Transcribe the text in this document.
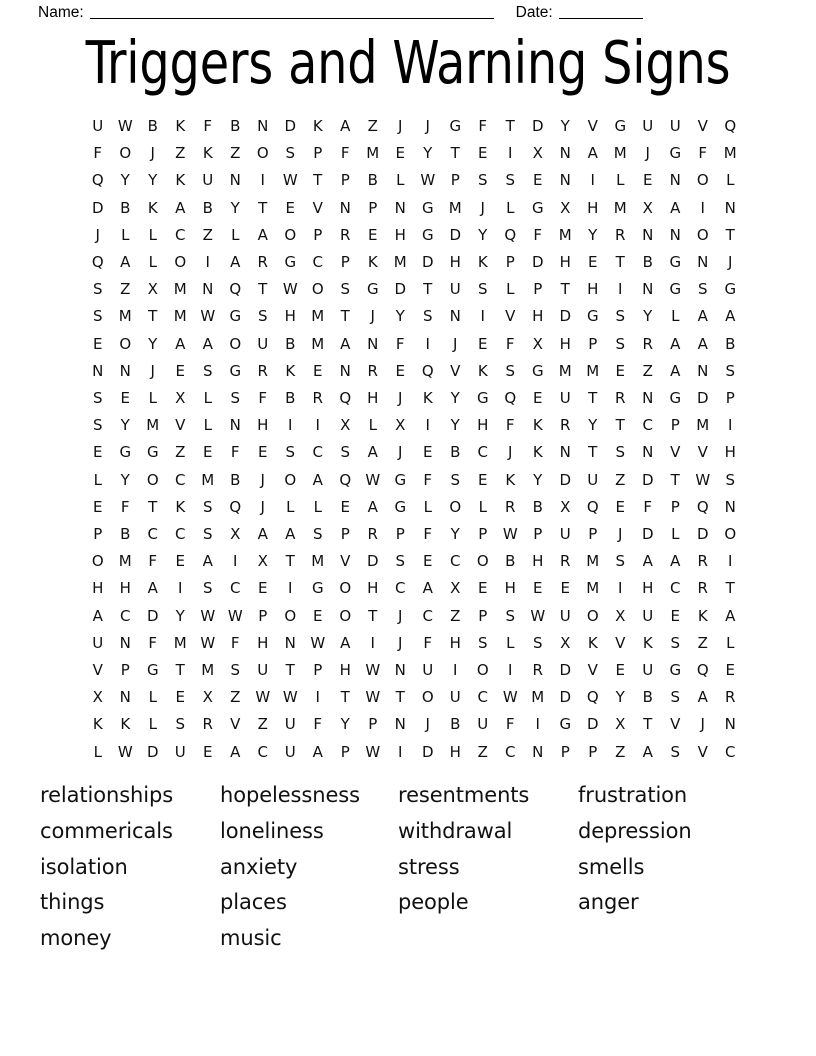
Name:	Date:
Triggers and Warning Signs
U	W	B	K	F	B	N	D	K	A	Z	J	J	G	F	T	D	Y	V	G	U	U	V	Q
F	O	J	Z	K	Z	O	S	P	F	M	E	Y	T	E	I	X	N	A	M	J	G	F	M
Q	Y	Y	K	U	N	I	W	T	P	B	L	W	P	S	S	E	N	I	L	E	N	O	L
D	B	K	A	B	Y	T	E	V	N	P	N	G	M	J	L	G	X	H	M	X	A	I	N
J	L	L	C	Z	L	A	O	P	R	E	H	G	D	Y	Q	F	M	Y	R	N	N	O	T
Q	A	L	O	I	A	R	G	C	P	K	M	D	H	K	P	D	H	E	T	B	G	N	J
S	Z	X	M	N	Q	T	W	O	S	G	D	T	U	S	L	P	T	H	I	N	G	S	G
S	M	T	M	W	G	S	H	M	T	J	Y	S	N	I	V	H	D	G	S	Y	L	A	A
E	O	Y	A	A	O	U	B	M	A	N	F	I	J	E	F	X	H	P	S	R	A	A	B
N	N	J	E	S	G	R	K	E	N	R	E	Q	V	K	S	G	M	M	E	Z	A	N	S
S	E	L	X	L	S	F	B	R	Q	H	J	K	Y	G	Q	E	U	T	R	N	G	D	P
S	Y	M	V	L	N	H	I	I	X	L	X	I	Y	H	F	K	R	Y	T	C	P	M	I
E	G	G	Z	E	F	E	S	C	S	A	J	E	B	C	J	K	N	T	S	N	V	V	H
L	Y	O	C	M	B	J	O	A	Q	W	G	F	S	E	K	Y	D	U	Z	D	T	W	S
E	F	T	K	S	Q	J	L	L	E	A	G	L	O	L	R	B	X	Q	E	F	P	Q	N
P	B	C	C	S	X	A	A	S	P	R	P	F	Y	P	W	P	U	P	J	D	L	D	O
O	M	F	E	A	I	X	T	M	V	D	S	E	C	O	B	H	R	M	S	A	A	R	I
H	H	A	I	S	C	E	I	G	O	H	C	A	X	E	H	E	E	M	I	H	C	R	T
A	C	D	Y	W	W	P	O	E	O	T	J	C	Z	P	S	W	U	O	X	U	E	K	A
U	N	F	M	W	F	H	N	W	A	I	J	F	H	S	L	S	X	K	V	K	S	Z	L
V	P	G	T	M	S	U	T	P	H	W	N	U	I	O	I	R	D	V	E	U	G	Q	E
X	N	L	E	X	Z	W	W	I	T	W	T	O	U	C	W	M	D	Q	Y	B	S	A	R
K	K	L	S	R	V	Z	U	F	Y	P	N	J	B	U	F	I	G	D	X	T	V	J	N
L	W	D	U	E	A	C	U	A	P	W	I	D	H	Z	C	N	P	P	Z	A	S	V	C
relationships
commericals
isolation
things
money
hopelessness
loneliness
anxiety
places
music
resentments
withdrawal
stress
people
frustration
depression
smells
anger
